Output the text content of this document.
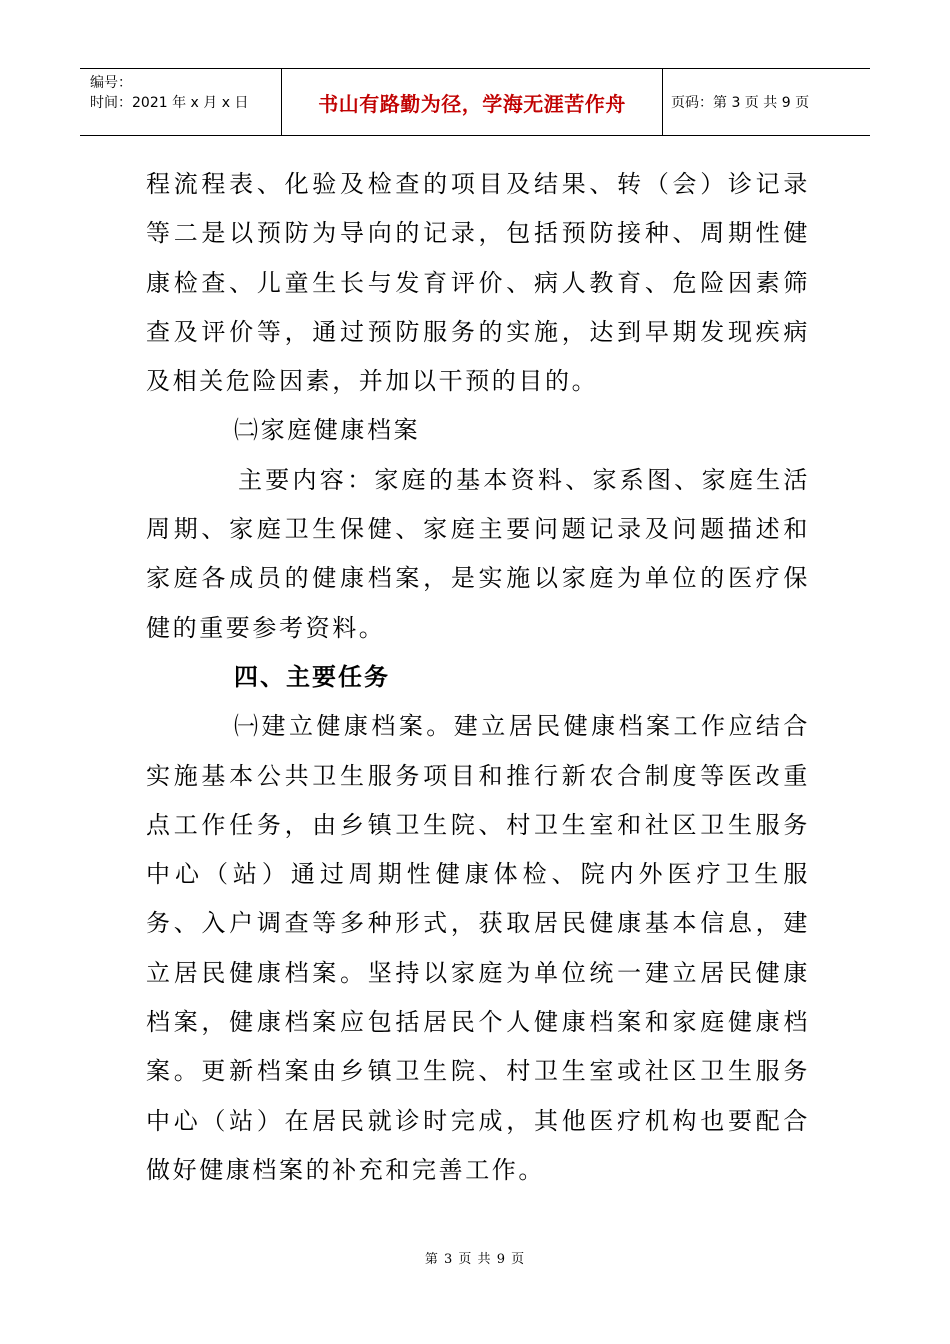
编号：
时间：2021 年 x 月 x 日	书山有路勤为径，学海无涯苦作舟	页码：第 3 页 共 9 页

程流程表、化验及检查的项目及结果、转（会）诊记录等二是以预防为导向的记录，包括预防接种、周期性健康检查、儿童生长与发育评价、病人教育、危险因素筛查及评价等，通过预防服务的实施，达到早期发现疾病及相关危险因素，并加以干预的目的。

㈡家庭健康档案

主要内容：家庭的基本资料、家系图、家庭生活周期、家庭卫生保健、家庭主要问题记录及问题描述和家庭各成员的健康档案，是实施以家庭为单位的医疗保健的重要参考资料。

四、主要任务

㈠建立健康档案。建立居民健康档案工作应结合实施基本公共卫生服务项目和推行新农合制度等医改重点工作任务，由乡镇卫生院、村卫生室和社区卫生服务中心（站）通过周期性健康体检、院内外医疗卫生服务、入户调查等多种形式，获取居民健康基本信息，建立居民健康档案。坚持以家庭为单位统一建立居民健康档案，健康档案应包括居民个人健康档案和家庭健康档案。更新档案由乡镇卫生院、村卫生室或社区卫生服务中心（站）在居民就诊时完成，其他医疗机构也要配合做好健康档案的补充和完善工作。

第 3 页 共 9 页
